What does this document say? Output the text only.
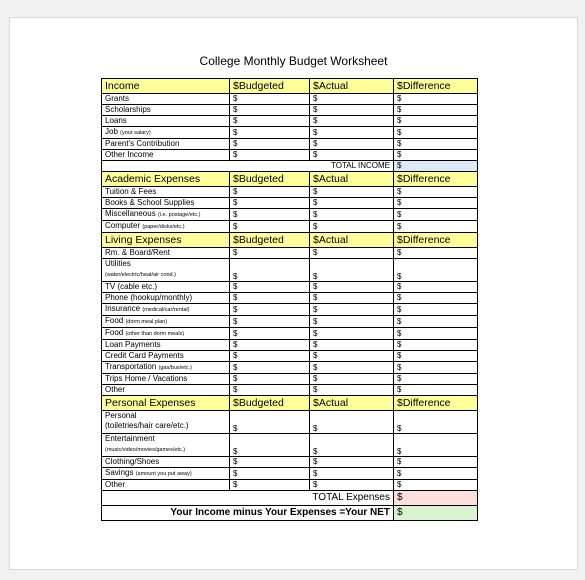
College Monthly Budget Worksheet
Income	$Budgeted	$Actual	$Difference
Grants	$	$	$
Scholarships	$	$	$
Loans	$	$	$
Job (your salary)	$	$	$
Parent's Contribution	$	$	$
Other Income	$	$	$
TOTAL INCOME			$
Academic Expenses	$Budgeted	$Actual	$Difference
Tuition & Fees	$	$	$
Books & School Supplies	$	$	$
Miscellaneous (i.e. postage/etc.)	$	$	$
Computer (paper/disks/etc.)	$	$	$
Living Expenses	$Budgeted	$Actual	$Difference
Rm. & Board/Rent	$	$	$
Utilities
(water/electric/heat/air cond.)	$	$	$
TV (cable etc.)	$	$	$
Phone (hookup/monthly)	$	$	$
Insurance (medical/car/rental)	$	$	$
Food (dorm meal plan)	$	$	$
Food (other than dorm meals)	$	$	$
Loan Payments	$	$	$
Credit Card Payments	$	$	$
Transportation (gas/bus/etc.)	$	$	$
Trips Home / Vacations	$	$	$
Other	$	$	$
Personal Expenses	$Budgeted	$Actual	$Difference
Personal
(toiletries/hair care/etc.)	$	$	$
Entertainment
(music/video/movies/games/etc.)	$	$	$
Clothing/Shoes	$	$	$
Savings (amount you put away)	$	$	$
Other	$	$	$
TOTAL Expenses			$
Your Income minus Your Expenses =Your NET			$
